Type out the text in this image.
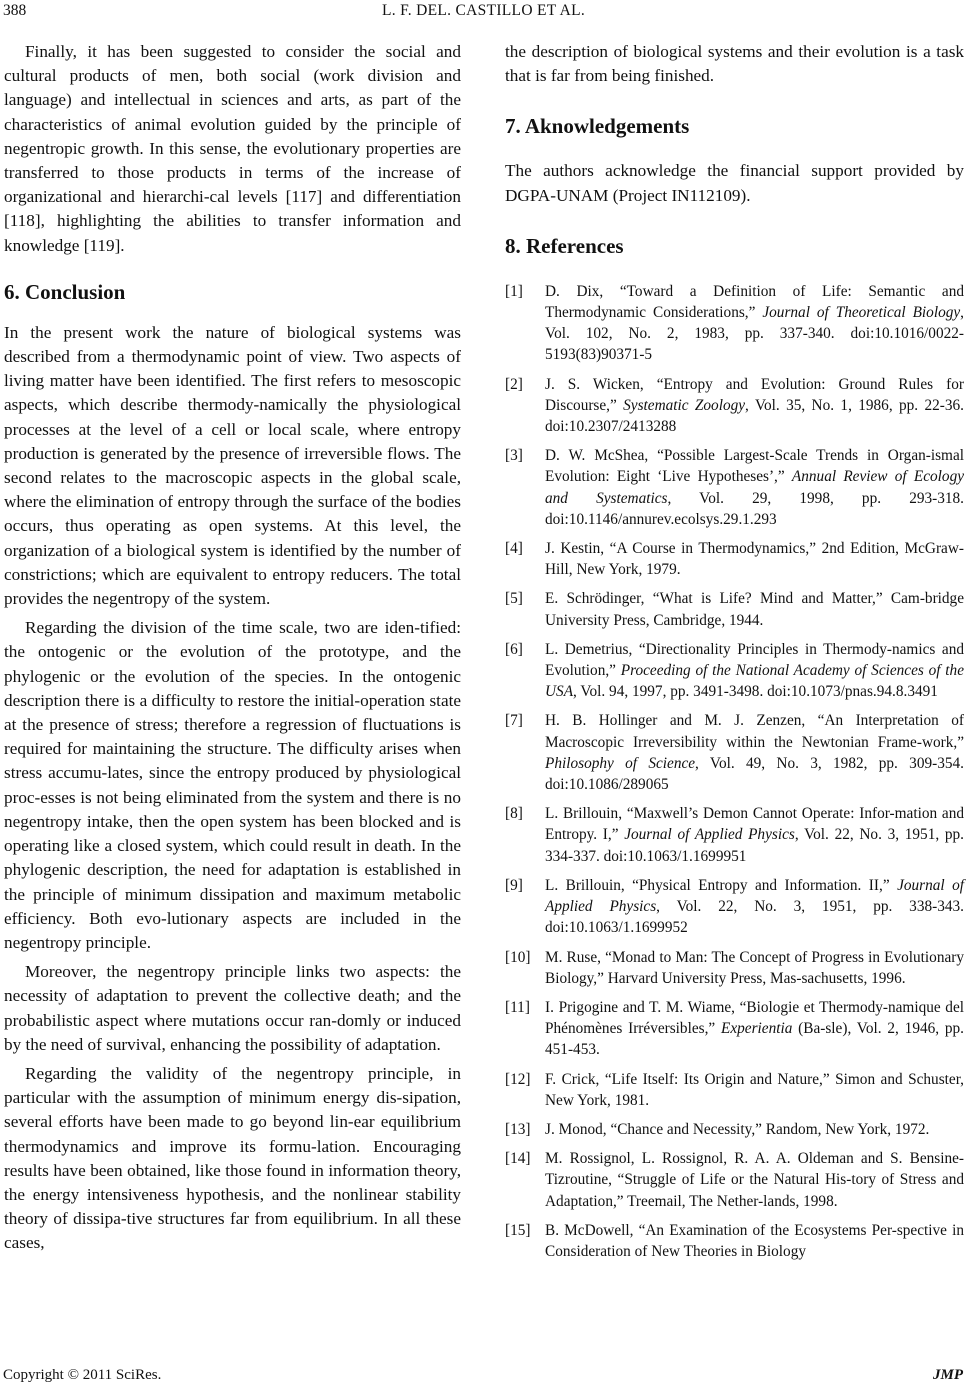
388	L. F. DEL. CASTILLO ET AL.

Finally, it has been suggested to consider the social and cultural products of men, both social (work division and language) and intellectual in sciences and arts, as part of the characteristics of animal evolution guided by the principle of negentropic growth. In this sense, the evolutionary properties are transferred to those products in terms of the increase of organizational and hierarchi-cal levels [117] and differentiation [118], highlighting the abilities to transfer information and knowledge [119].

6. Conclusion

In the present work the nature of biological systems was described from a thermodynamic point of view. Two aspects of living matter have been identified. The first refers to mesoscopic aspects, which describe thermody-namically the physiological processes at the level of a cell or local scale, where entropy production is generated by the presence of irreversible flows. The second relates to the macroscopic aspects in the global scale, where the elimination of entropy through the surface of the bodies occurs, thus operating as open systems. At this level, the organization of a biological system is identified by the number of constrictions; which are equivalent to entropy reducers. The total provides the negentropy of the system.

Regarding the division of the time scale, two are iden-tified: the ontogenic or the evolution of the prototype, and the phylogenic or the evolution of the species. In the ontogenic description there is a difficulty to restore the initial-operation state at the presence of stress; therefore a regression of fluctuations is required for maintaining the structure. The difficulty arises when stress accumu-lates, since the entropy produced by physiological proc-esses is not being eliminated from the system and there is no negentropy intake, then the open system has been blocked and is operating like a closed system, which could result in death. In the phylogenic description, the need for adaptation is established in the principle of minimum dissipation and maximum metabolic efficiency. Both evo-lutionary aspects are included in the negentropy principle.

Moreover, the negentropy principle links two aspects: the necessity of adaptation to prevent the collective death; and the probabilistic aspect where mutations occur ran-domly or induced by the need of survival, enhancing the possibility of adaptation.

Regarding the validity of the negentropy principle, in particular with the assumption of minimum energy dis-sipation, several efforts have been made to go beyond lin-ear equilibrium thermodynamics and improve its formu-lation. Encouraging results have been obtained, like those found in information theory, the energy intensiveness hypothesis, and the nonlinear stability theory of dissipa-tive structures far from equilibrium. In all these cases,

the description of biological systems and their evolution is a task that is far from being finished.

7. Aknowledgements

The authors acknowledge the financial support provided by DGPA-UNAM (Project IN112109).

8. References
[1]	D. Dix, “Toward a Definition of Life: Semantic and Thermodynamic Considerations,” Journal of Theoretical Biology, Vol. 102, No. 2, 1983, pp. 337-340. doi:10.1016/0022-5193(83)90371-5
[2]	J. S. Wicken, “Entropy and Evolution: Ground Rules for Discourse,” Systematic Zoology, Vol. 35, No. 1, 1986, pp. 22-36. doi:10.2307/2413288
[3]	D. W. McShea, “Possible Largest-Scale Trends in Organ-ismal Evolution: Eight ‘Live Hypotheses’,” Annual Review of Ecology and Systematics, Vol. 29, 1998, pp. 293-318. doi:10.1146/annurev.ecolsys.29.1.293
[4]	J. Kestin, “A Course in Thermodynamics,” 2nd Edition, McGraw-Hill, New York, 1979.
[5]	E. Schrödinger, “What is Life? Mind and Matter,” Cam-bridge University Press, Cambridge, 1944.
[6]	L. Demetrius, “Directionality Principles in Thermody-namics and Evolution,” Proceeding of the National Academy of Sciences of the USA, Vol. 94, 1997, pp. 3491-3498. doi:10.1073/pnas.94.8.3491
[7]	H. B. Hollinger and M. J. Zenzen, “An Interpretation of Macroscopic Irreversibility within the Newtonian Frame-work,” Philosophy of Science, Vol. 49, No. 3, 1982, pp. 309-354. doi:10.1086/289065
[8]	L. Brillouin, “Maxwell’s Demon Cannot Operate: Infor-mation and Entropy. I,” Journal of Applied Physics, Vol. 22, No. 3, 1951, pp. 334-337. doi:10.1063/1.1699951
[9]	L. Brillouin, “Physical Entropy and Information. II,” Journal of Applied Physics, Vol. 22, No. 3, 1951, pp. 338-343. doi:10.1063/1.1699952
[10] M. Ruse, “Monad to Man: The Concept of Progress in Evolutionary Biology,” Harvard University Press, Mas-sachusetts, 1996.
[11] I. Prigogine and T. M. Wiame, “Biologie et Thermody-namique del Phénomènes Irréversibles,” Experientia (Ba-sle), Vol. 2, 1946, pp. 451-453.
[12] F. Crick, “Life Itself: Its Origin and Nature,” Simon and Schuster, New York, 1981.
[13] J. Monod, “Chance and Necessity,” Random, New York, 1972.
[14] M. Rossignol, L. Rossignol, R. A. A. Oldeman and S. Bensine-Tizroutine, “Struggle of Life or the Natural His-tory of Stress and Adaptation,” Treemail, The Nether-lands, 1998.
[15] B. McDowell, “An Examination of the Ecosystems Per-spective in Consideration of New Theories in Biology
Copyright © 2011 SciRes.	JMP
